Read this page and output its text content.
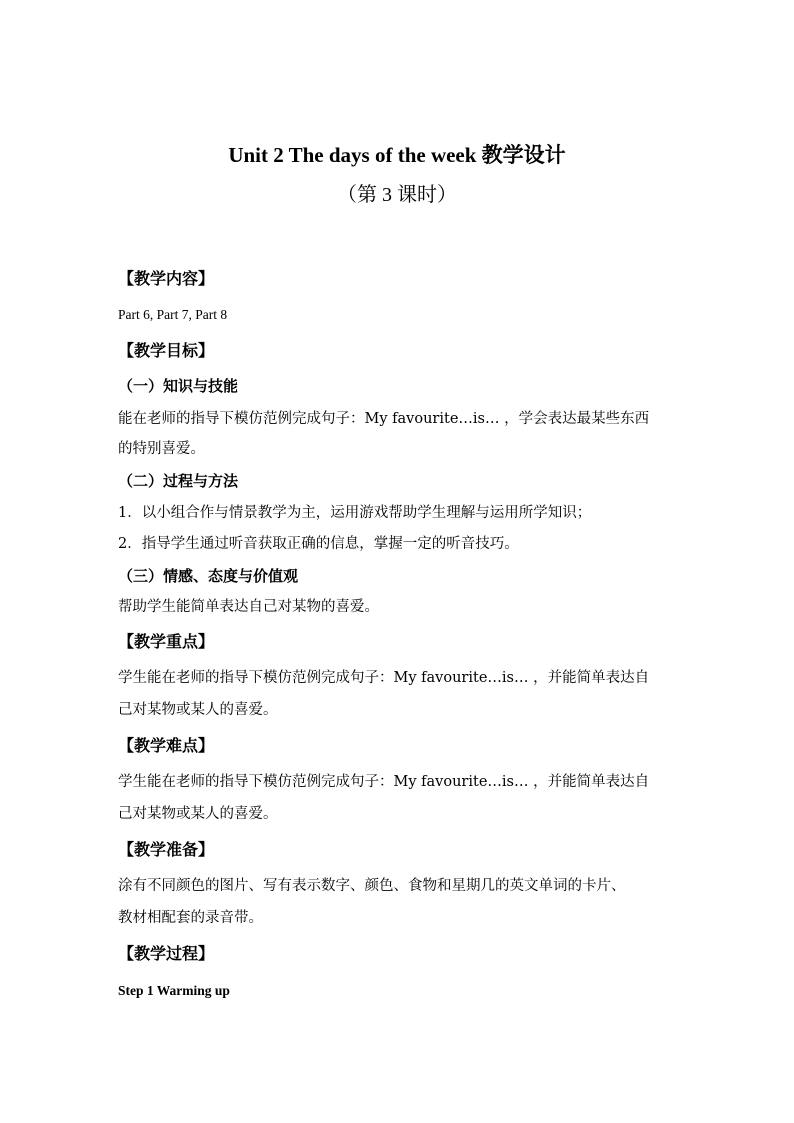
Unit 2 The days of the week 教学设计
（第 3 课时）
【教学内容】
Part 6, Part 7, Part 8
【教学目标】
（一）知识与技能
能在老师的指导下模仿范例完成句子：My favourite…is… ，学会表达最某些东西
的特别喜爱。
（二）过程与方法
1．以小组合作与情景教学为主，运用游戏帮助学生理解与运用所学知识；
2．指导学生通过听音获取正确的信息，掌握一定的听音技巧。
（三）情感、态度与价值观
帮助学生能简单表达自己对某物的喜爱。
【教学重点】
学生能在老师的指导下模仿范例完成句子：My favourite…is… ，并能简单表达自
己对某物或某人的喜爱。
【教学难点】
学生能在老师的指导下模仿范例完成句子：My favourite…is… ，并能简单表达自
己对某物或某人的喜爱。
【教学准备】
涂有不同颜色的图片、写有表示数字、颜色、食物和星期几的英文单词的卡片、
教材相配套的录音带。
【教学过程】
Step 1 Warming up
